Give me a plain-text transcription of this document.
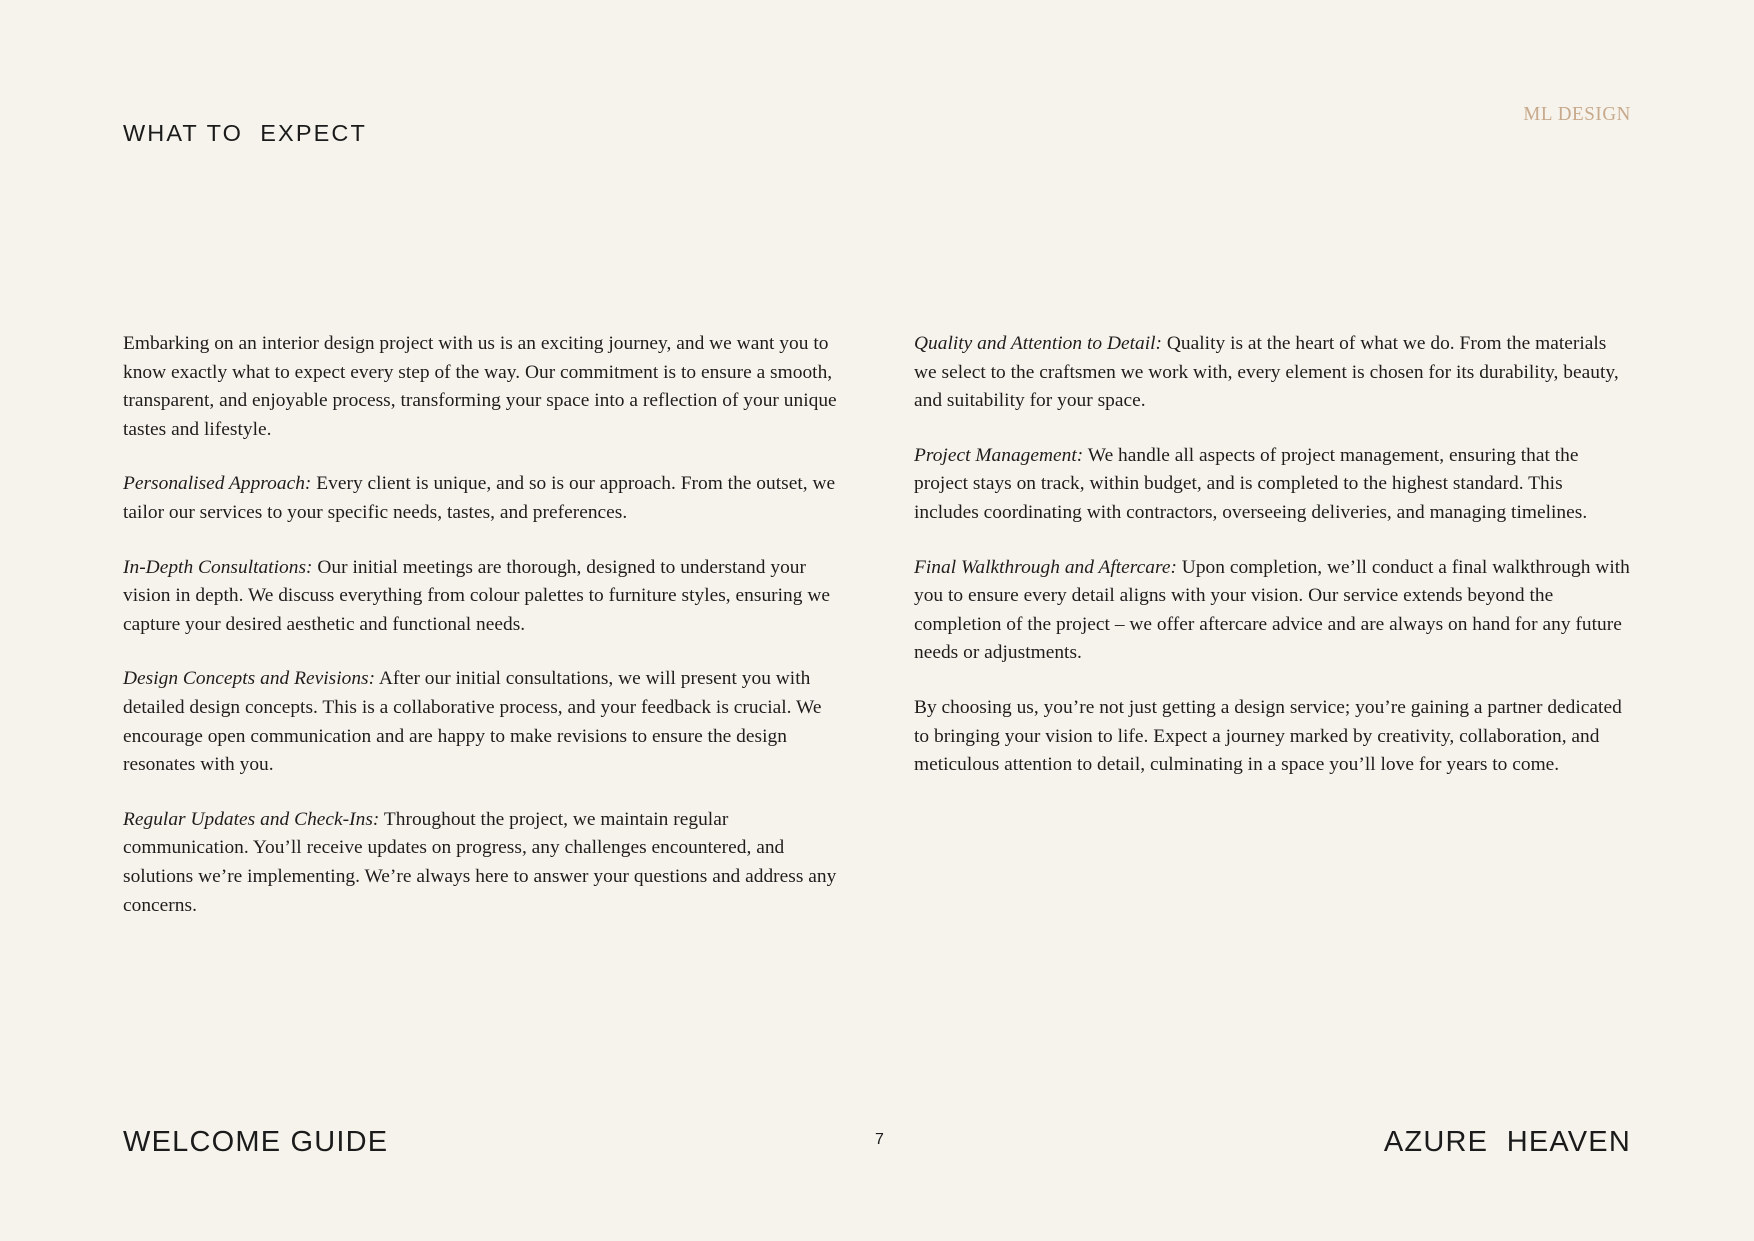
WHAT TO  EXPECT
ML DESIGN

Embarking on an interior design project with us is an exciting journey, and we want you to know exactly what to expect every step of the way. Our commitment is to ensure a smooth, transparent, and enjoyable process, transforming your space into a reflection of your unique tastes and lifestyle.

Personalised Approach: Every client is unique, and so is our approach. From the outset, we tailor our services to your specific needs, tastes, and preferences.

In-Depth Consultations: Our initial meetings are thorough, designed to understand your vision in depth. We discuss everything from colour palettes to furniture styles, ensuring we capture your desired aesthetic and functional needs.

Design Concepts and Revisions: After our initial consultations, we will present you with detailed design concepts. This is a collaborative process, and your feedback is crucial. We encourage open communication and are happy to make revisions to ensure the design resonates with you.

Regular Updates and Check-Ins: Throughout the project, we maintain regular communication. You’ll receive updates on progress, any challenges encountered, and solutions we’re implementing. We’re always here to answer your questions and address any concerns.

Quality and Attention to Detail: Quality is at the heart of what we do. From the materials we select to the craftsmen we work with, every element is chosen for its durability, beauty, and suitability for your space.

Project Management: We handle all aspects of project management, ensuring that the project stays on track, within budget, and is completed to the highest standard. This includes coordinating with contractors, overseeing deliveries, and managing timelines.

Final Walkthrough and Aftercare: Upon completion, we’ll conduct a final walkthrough with you to ensure every detail aligns with your vision. Our service extends beyond the completion of the project – we offer aftercare advice and are always on hand for any future needs or adjustments.

By choosing us, you’re not just getting a design service; you’re gaining a partner dedicated to bringing your vision to life. Expect a journey marked by creativity, collaboration, and meticulous attention to detail, culminating in a space you’ll love for years to come.

WELCOME GUIDE	7	AZURE  HEAVEN
